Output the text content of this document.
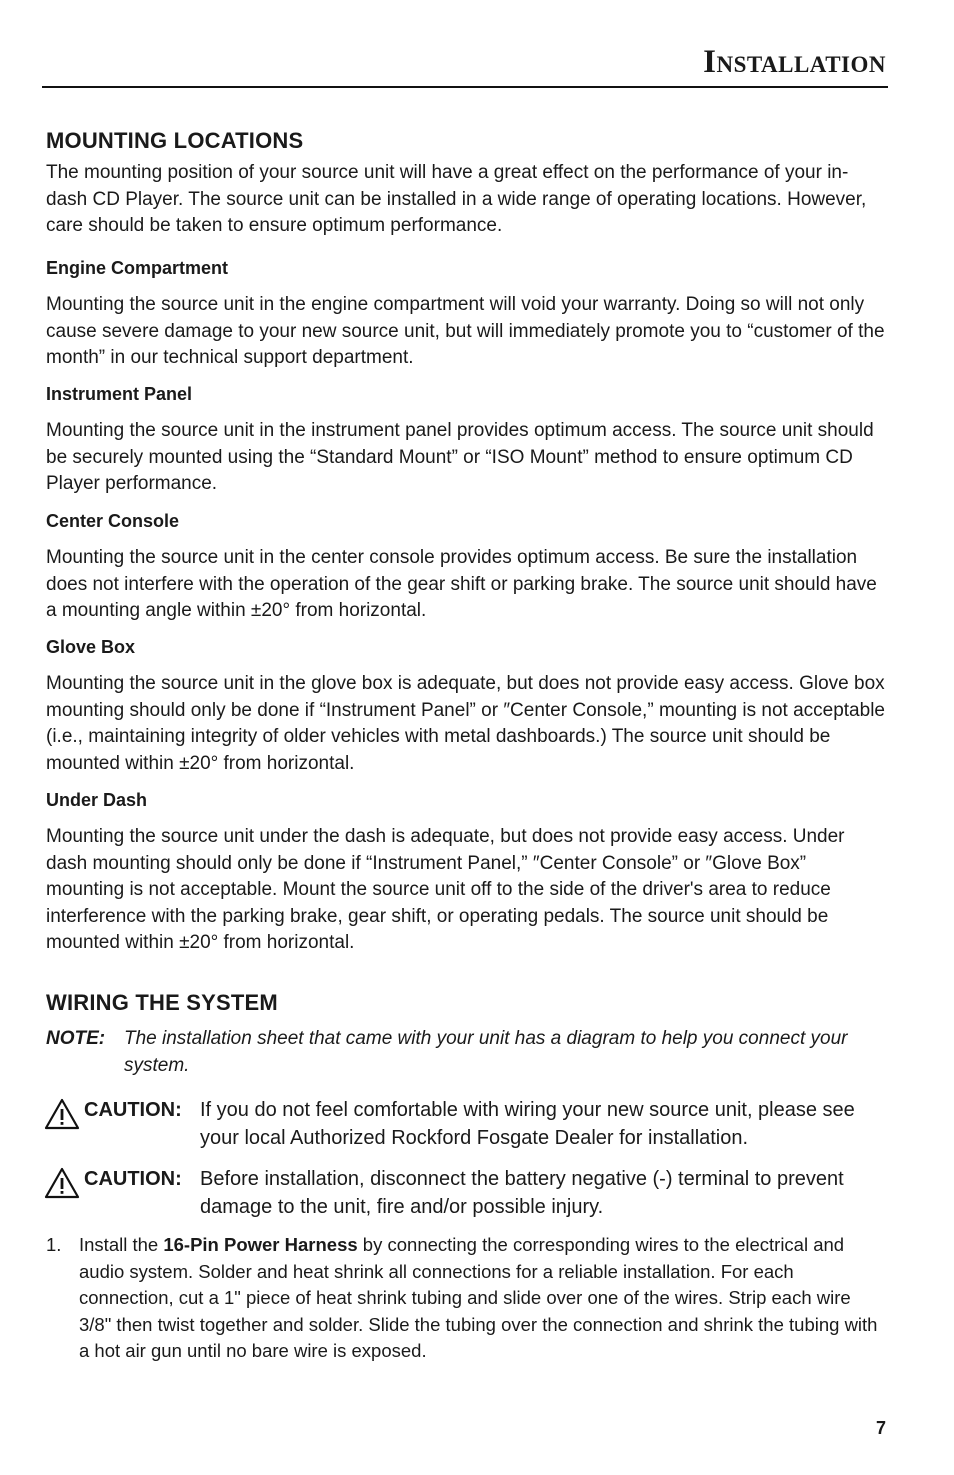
Installation
MOUNTING LOCATIONS

The mounting position of your source unit will have a great effect on the performance of your in-dash CD Player. The source unit can be installed in a wide range of operating locations. However, care should be taken to ensure optimum performance.

Engine Compartment

Mounting the source unit in the engine compartment will void your warranty. Doing so will not only cause severe damage to your new source unit, but will immediately promote you to “customer of the month” in our technical support department.

Instrument Panel

Mounting the source unit in the instrument panel provides optimum access. The source unit should be securely mounted using the “Standard Mount” or “ISO Mount” method to ensure optimum CD Player performance.

Center Console

Mounting the source unit in the center console provides optimum access. Be sure the installation does not interfere with the operation of the gear shift or parking brake. The source unit should have a mounting angle within ±20° from horizontal.

Glove Box

Mounting the source unit in the glove box is adequate, but does not provide easy access. Glove box mounting should only be done if “Instrument Panel” or ″Center Console,” mounting is not acceptable (i.e., maintaining integrity of older vehicles with metal dashboards.) The source unit should be mounted within ±20° from horizontal.

Under Dash

Mounting the source unit under the dash is adequate, but does not provide easy access. Under dash mounting should only be done if “Instrument Panel,” ″Center Console” or ″Glove Box” mounting is not acceptable. Mount the source unit off to the side of the driver's area to reduce interference with the parking brake, gear shift, or operating pedals. The source unit should be mounted within ±20° from horizontal.

WIRING THE SYSTEM
NOTE: The installation sheet that came with your unit has a diagram to help you connect your system.
CAUTION: If you do not feel comfortable with wiring your new source unit, please see your local Authorized Rockford Fosgate Dealer for installation.
CAUTION: Before installation, disconnect the battery negative (-) terminal to prevent damage to the unit, fire and/or possible injury.
1. Install the 16-Pin Power Harness by connecting the corresponding wires to the electrical and audio system. Solder and heat shrink all connections for a reliable installation. For each connection, cut a 1" piece of heat shrink tubing and slide over one of the wires. Strip each wire 3/8" then twist together and solder. Slide the tubing over the connection and shrink the tubing with a hot air gun until no bare wire is exposed.
7
